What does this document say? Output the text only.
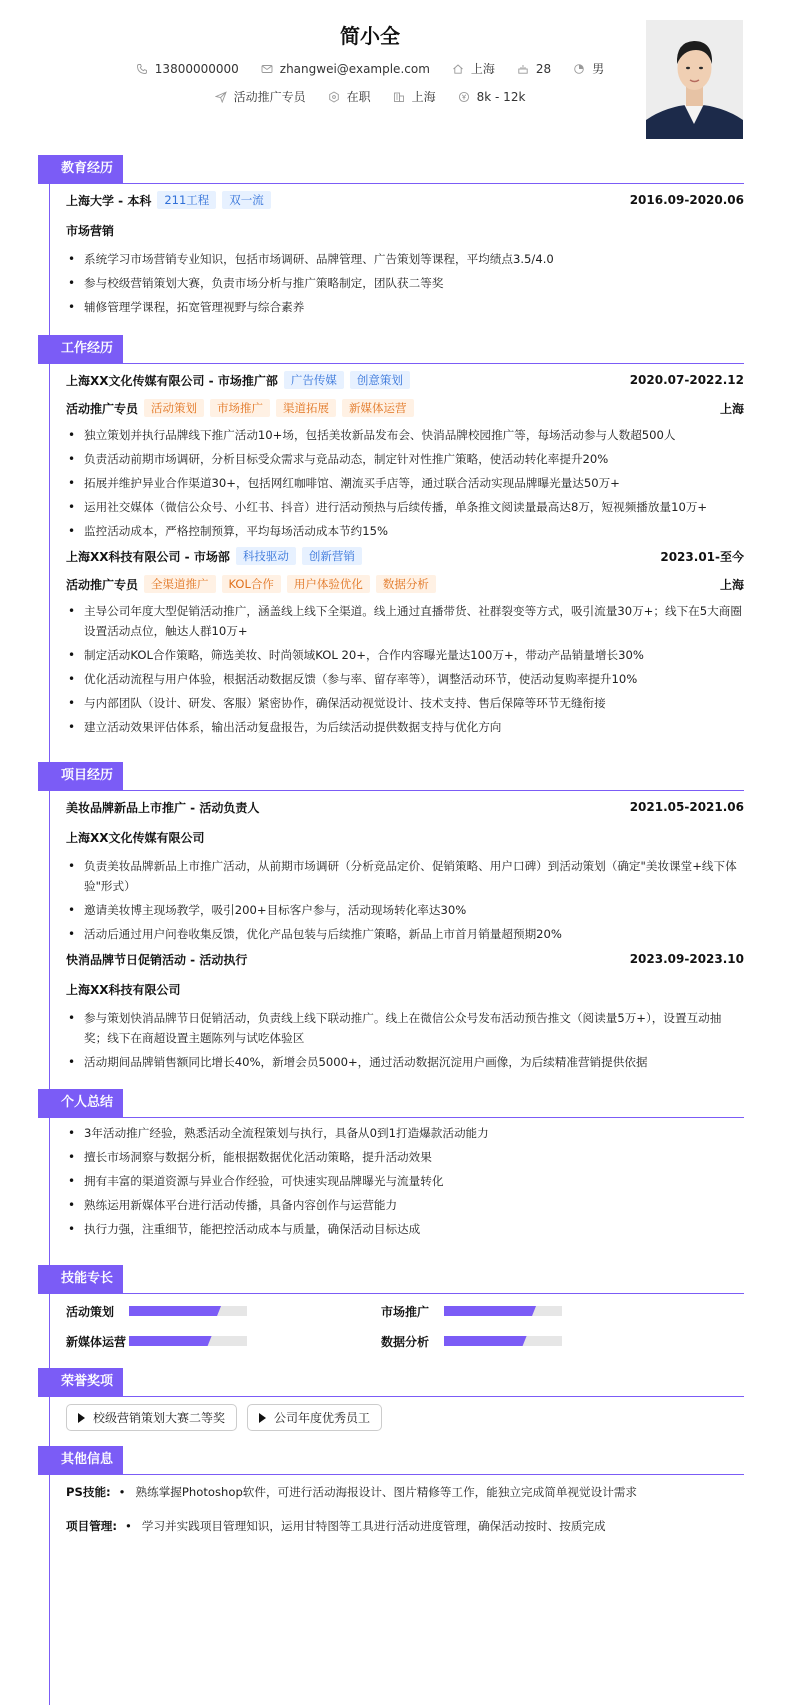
简小全
13800000000	zhangwei@example.com	上海	28	男
活动推广专员	在职	上海	8k - 12k
教育经历
上海大学 - 本科	211工程	双一流	2016.09-2020.06
市场营销
• 系统学习市场营销专业知识，包括市场调研、品牌管理、广告策划等课程，平均绩点3.5/4.0
• 参与校级营销策划大赛，负责市场分析与推广策略制定，团队获二等奖
• 辅修管理学课程，拓宽管理视野与综合素养
工作经历
上海XX文化传媒有限公司 - 市场推广部	广告传媒	创意策划	2020.07-2022.12
活动推广专员	活动策划	市场推广	渠道拓展	新媒体运营	上海
• 独立策划并执行品牌线下推广活动10+场，包括美妆新品发布会、快消品牌校园推广等，每场活动参与人数超500人
• 负责活动前期市场调研，分析目标受众需求与竞品动态，制定针对性推广策略，使活动转化率提升20%
• 拓展并维护异业合作渠道30+，包括网红咖啡馆、潮流买手店等，通过联合活动实现品牌曝光量达50万+
• 运用社交媒体（微信公众号、小红书、抖音）进行活动预热与后续传播，单条推文阅读量最高达8万，短视频播放量10万+
• 监控活动成本，严格控制预算，平均每场活动成本节约15%
上海XX科技有限公司 - 市场部	科技驱动	创新营销	2023.01-至今
活动推广专员	全渠道推广	KOL合作	用户体验优化	数据分析	上海
• 主导公司年度大型促销活动推广，涵盖线上线下全渠道。线上通过直播带货、社群裂变等方式，吸引流量30万+；线下在5大商圈设置活动点位，触达人群10万+
• 制定活动KOL合作策略，筛选美妆、时尚领域KOL 20+，合作内容曝光量达100万+，带动产品销量增长30%
• 优化活动流程与用户体验，根据活动数据反馈（参与率、留存率等），调整活动环节，使活动复购率提升10%
• 与内部团队（设计、研发、客服）紧密协作，确保活动视觉设计、技术支持、售后保障等环节无缝衔接
• 建立活动效果评估体系，输出活动复盘报告，为后续活动提供数据支持与优化方向
项目经历
美妆品牌新品上市推广 - 活动负责人	2021.05-2021.06
上海XX文化传媒有限公司
• 负责美妆品牌新品上市推广活动，从前期市场调研（分析竞品定价、促销策略、用户口碑）到活动策划（确定"美妆课堂+线下体验"形式）
• 邀请美妆博主现场教学，吸引200+目标客户参与，活动现场转化率达30%
• 活动后通过用户问卷收集反馈，优化产品包装与后续推广策略，新品上市首月销量超预期20%
快消品牌节日促销活动 - 活动执行	2023.09-2023.10
上海XX科技有限公司
• 参与策划快消品牌节日促销活动，负责线上线下联动推广。线上在微信公众号发布活动预告推文（阅读量5万+），设置互动抽奖；线下在商超设置主题陈列与试吃体验区
• 活动期间品牌销售额同比增长40%，新增会员5000+，通过活动数据沉淀用户画像，为后续精准营销提供依据
个人总结
• 3年活动推广经验，熟悉活动全流程策划与执行，具备从0到1打造爆款活动能力
• 擅长市场洞察与数据分析，能根据数据优化活动策略，提升活动效果
• 拥有丰富的渠道资源与异业合作经验，可快速实现品牌曝光与流量转化
• 熟练运用新媒体平台进行活动传播，具备内容创作与运营能力
• 执行力强，注重细节，能把控活动成本与质量，确保活动目标达成
技能专长
活动策划	市场推广
新媒体运营	数据分析
荣誉奖项
校级营销策划大赛二等奖	公司年度优秀员工
其他信息
PS技能: • 熟练掌握Photoshop软件，可进行活动海报设计、图片精修等工作，能独立完成简单视觉设计需求
项目管理: • 学习并实践项目管理知识，运用甘特图等工具进行活动进度管理，确保活动按时、按质完成
